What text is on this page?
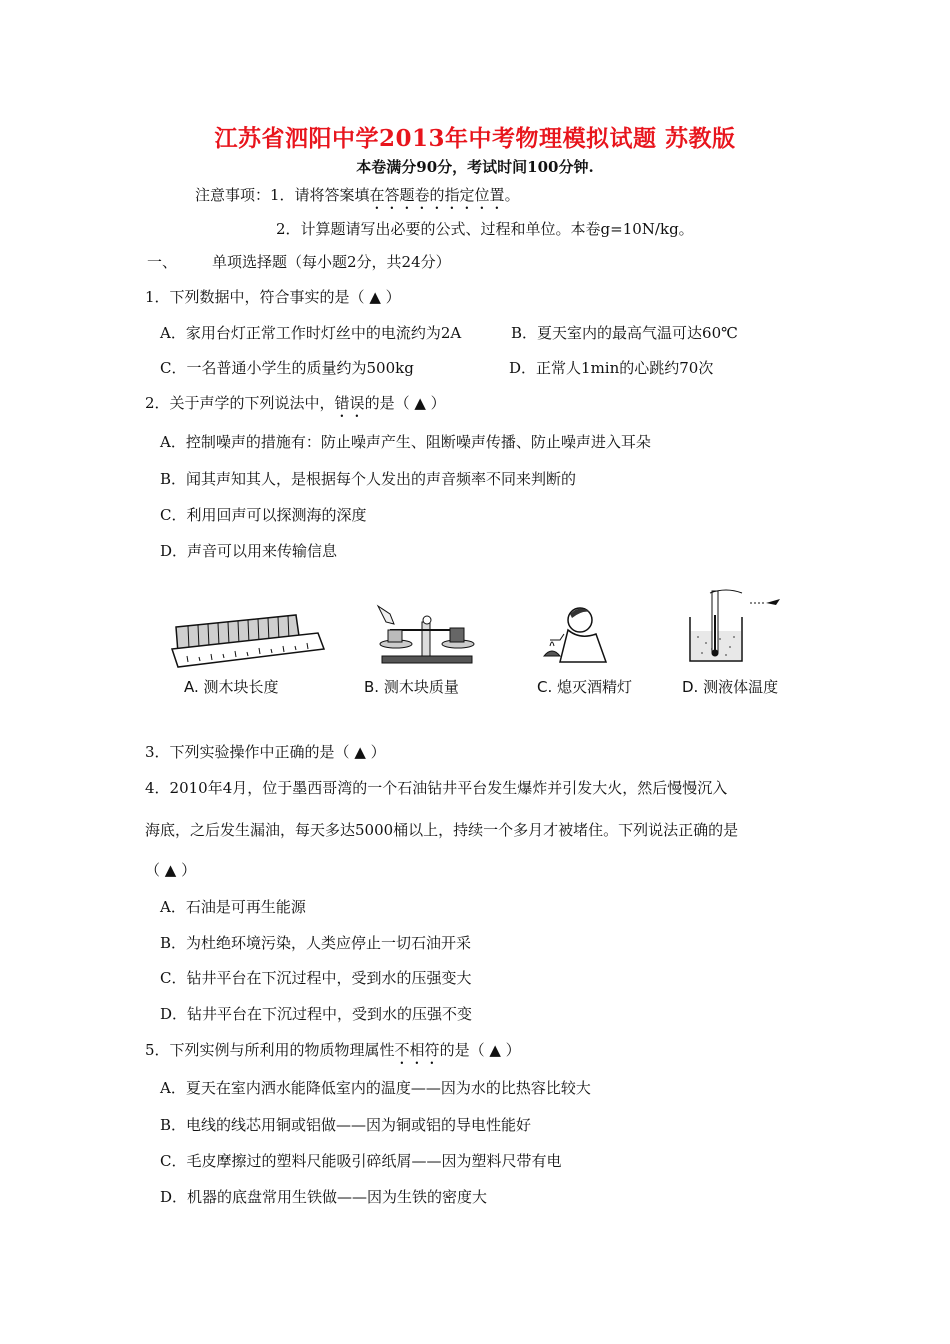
江苏省泗阳中学2013年中考物理模拟试题 苏教版
本卷满分90分，考试时间100分钟.
注意事项：1．请将答案填在答题卷的指定位置。
2．计算题请写出必要的公式、过程和单位。本卷g=10N/kg。
一、 单项选择题（每小题2分，共24分）
1．下列数据中，符合事实的是（ ▲ ）
A．家用台灯正常工作时灯丝中的电流约为2A	B．夏天室内的最高气温可达60℃
C．一名普通小学生的质量约为500kg	D．正常人1min的心跳约70次
2．关于声学的下列说法中，错误的是（ ▲ ）
A．控制噪声的措施有：防止噪声产生、阻断噪声传播、防止噪声进入耳朵
B．闻其声知其人，是根据每个人发出的声音频率不同来判断的
C．利用回声可以探测海的深度
D．声音可以用来传输信息
A. 测木块长度	B. 测木块质量	C. 熄灭酒精灯	D. 测液体温度
3．下列实验操作中正确的是（ ▲ ）
4．2010年4月，位于墨西哥湾的一个石油钻井平台发生爆炸并引发大火，然后慢慢沉入
海底，之后发生漏油，每天多达5000桶以上，持续一个多月才被堵住。下列说法正确的是
（ ▲ ）
A．石油是可再生能源
B．为杜绝环境污染，人类应停止一切石油开采
C．钻井平台在下沉过程中，受到水的压强变大
D．钻井平台在下沉过程中，受到水的压强不变
5．下列实例与所利用的物质物理属性不相符的是（ ▲ ）
A．夏天在室内洒水能降低室内的温度——因为水的比热容比较大
B．电线的线芯用铜或铝做——因为铜或铝的导电性能好
C．毛皮摩擦过的塑料尺能吸引碎纸屑——因为塑料尺带有电
D．机器的底盘常用生铁做——因为生铁的密度大
